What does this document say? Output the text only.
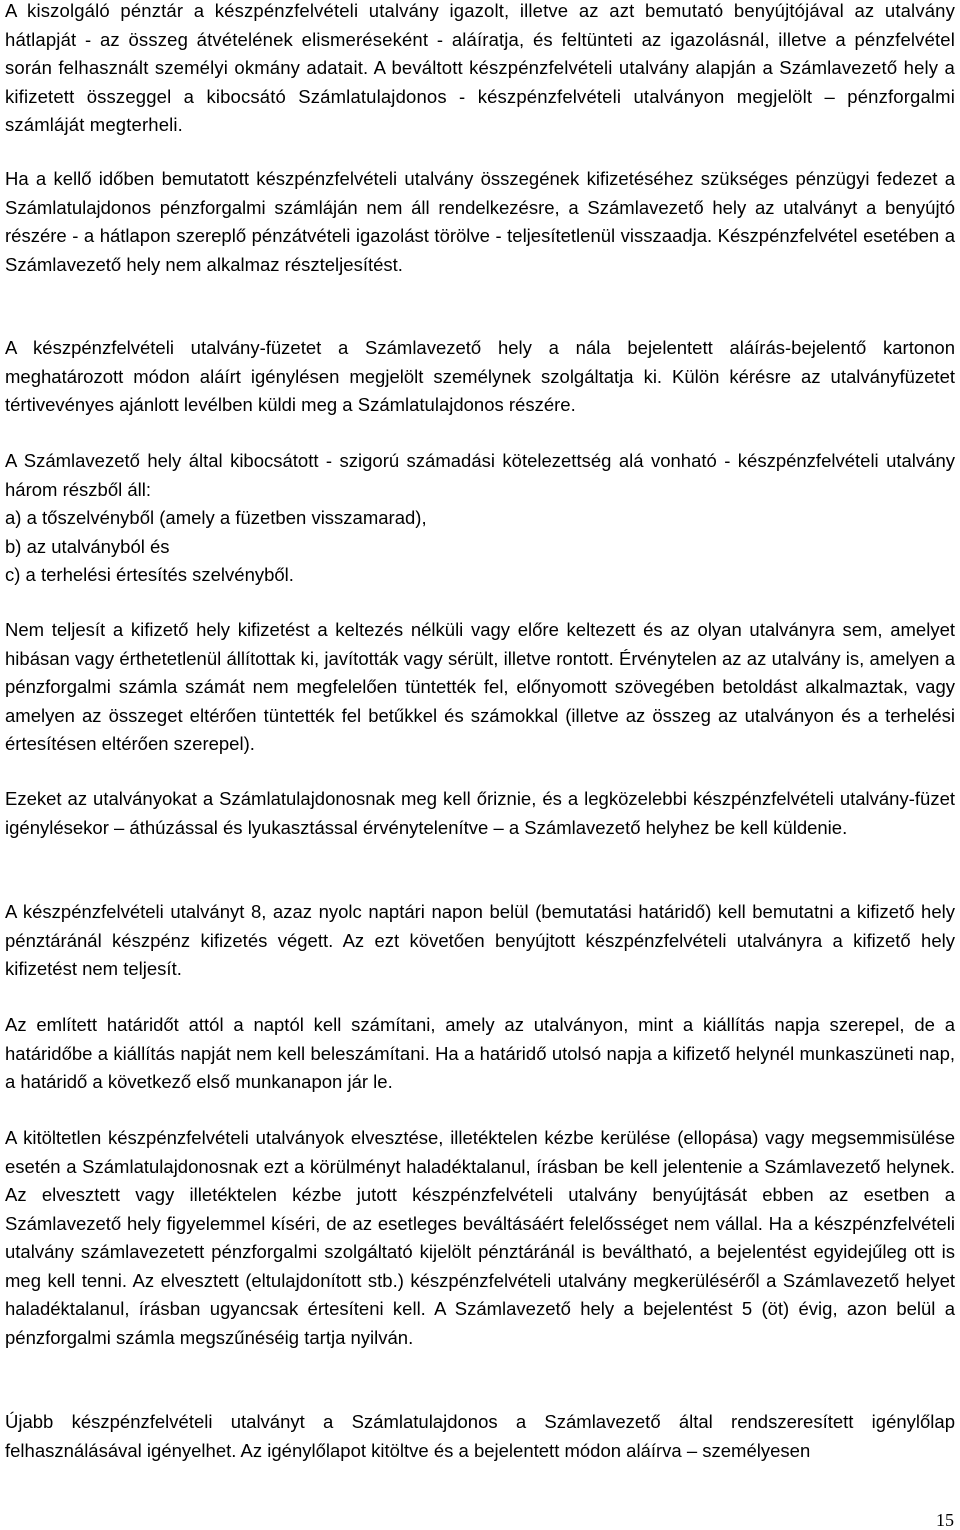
A kiszolgáló pénztár a készpénzfelvételi utalvány igazolt, illetve az azt bemutató benyújtójával az utalvány hátlapját - az összeg átvételének elismeréseként - aláíratja, és feltünteti az igazolásnál, illetve a pénzfelvétel során felhasznált személyi okmány adatait. A beváltott készpénzfelvételi utalvány alapján a Számlavezető hely a kifizetett összeggel a kibocsátó Számlatulajdonos - készpénzfelvételi utalványon megjelölt – pénzforgalmi számláját megterheli.

Ha a kellő időben bemutatott készpénzfelvételi utalvány összegének kifizetéséhez szükséges pénzügyi fedezet a Számlatulajdonos pénzforgalmi számláján nem áll rendelkezésre, a Számlavezető hely az utalványt a benyújtó részére - a hátlapon szereplő pénzátvételi igazolást törölve - teljesítetlenül visszaadja. Készpénzfelvétel esetében a Számlavezető hely nem alkalmaz részteljesítést.

A készpénzfelvételi utalvány-füzetet a Számlavezető hely a nála bejelentett aláírás-bejelentő kartonon meghatározott módon aláírt igénylésen megjelölt személynek szolgáltatja ki. Külön kérésre az utalványfüzetet tértivevényes ajánlott levélben küldi meg a Számlatulajdonos részére.

A Számlavezető hely által kibocsátott - szigorú számadási kötelezettség alá vonható - készpénzfelvételi utalvány három részből áll:
a) a tőszelvényből (amely a füzetben visszamarad),
b) az utalványból és
c) a terhelési értesítés szelvényből.

Nem teljesít a kifizető hely kifizetést a keltezés nélküli vagy előre keltezett és az olyan utalványra sem, amelyet hibásan vagy érthetetlenül állítottak ki, javították vagy sérült, illetve rontott. Érvénytelen az az utalvány is, amelyen a pénzforgalmi számla számát nem megfelelően tüntették fel, előnyomott szövegében betoldást alkalmaztak, vagy amelyen az összeget eltérően tüntették fel betűkkel és számokkal (illetve az összeg az utalványon és a terhelési értesítésen eltérően szerepel).

Ezeket az utalványokat a Számlatulajdonosnak meg kell őriznie, és a legközelebbi készpénzfelvételi utalvány-füzet igénylésekor – áthúzással és lyukasztással érvénytelenítve – a Számlavezető helyhez be kell küldenie.

A készpénzfelvételi utalványt 8, azaz nyolc naptári napon belül (bemutatási határidő) kell bemutatni a kifizető hely pénztáránál készpénz kifizetés végett. Az ezt követően benyújtott készpénzfelvételi utalványra a kifizető hely kifizetést nem teljesít.

Az említett határidőt attól a naptól kell számítani, amely az utalványon, mint a kiállítás napja szerepel, de a határidőbe a kiállítás napját nem kell beleszámítani. Ha a határidő utolsó napja a kifizető helynél munkaszüneti nap, a határidő a következő első munkanapon jár le.

A kitöltetlen készpénzfelvételi utalványok elvesztése, illetéktelen kézbe kerülése (ellopása) vagy megsemmisülése esetén a Számlatulajdonosnak ezt a körülményt haladéktalanul, írásban be kell jelentenie a Számlavezető helynek. Az elvesztett vagy illetéktelen kézbe jutott készpénzfelvételi utalvány benyújtását ebben az esetben a Számlavezető hely figyelemmel kíséri, de az esetleges beváltásáért felelősséget nem vállal. Ha a készpénzfelvételi utalvány számlavezetett pénzforgalmi szolgáltató kijelölt pénztáránál is beváltható, a bejelentést egyidejűleg ott is meg kell tenni. Az elvesztett (eltulajdonított stb.) készpénzfelvételi utalvány megkerüléséről a Számlavezető helyet haladéktalanul, írásban ugyancsak értesíteni kell. A Számlavezető hely a bejelentést 5 (öt) évig, azon belül a pénzforgalmi számla megszűnéséig tartja nyilván.

Újabb készpénzfelvételi utalványt a Számlatulajdonos a Számlavezető által rendszeresített igénylőlap felhasználásával igényelhet. Az igénylőlapot kitöltve és a bejelentett módon aláírva – személyesen

15
